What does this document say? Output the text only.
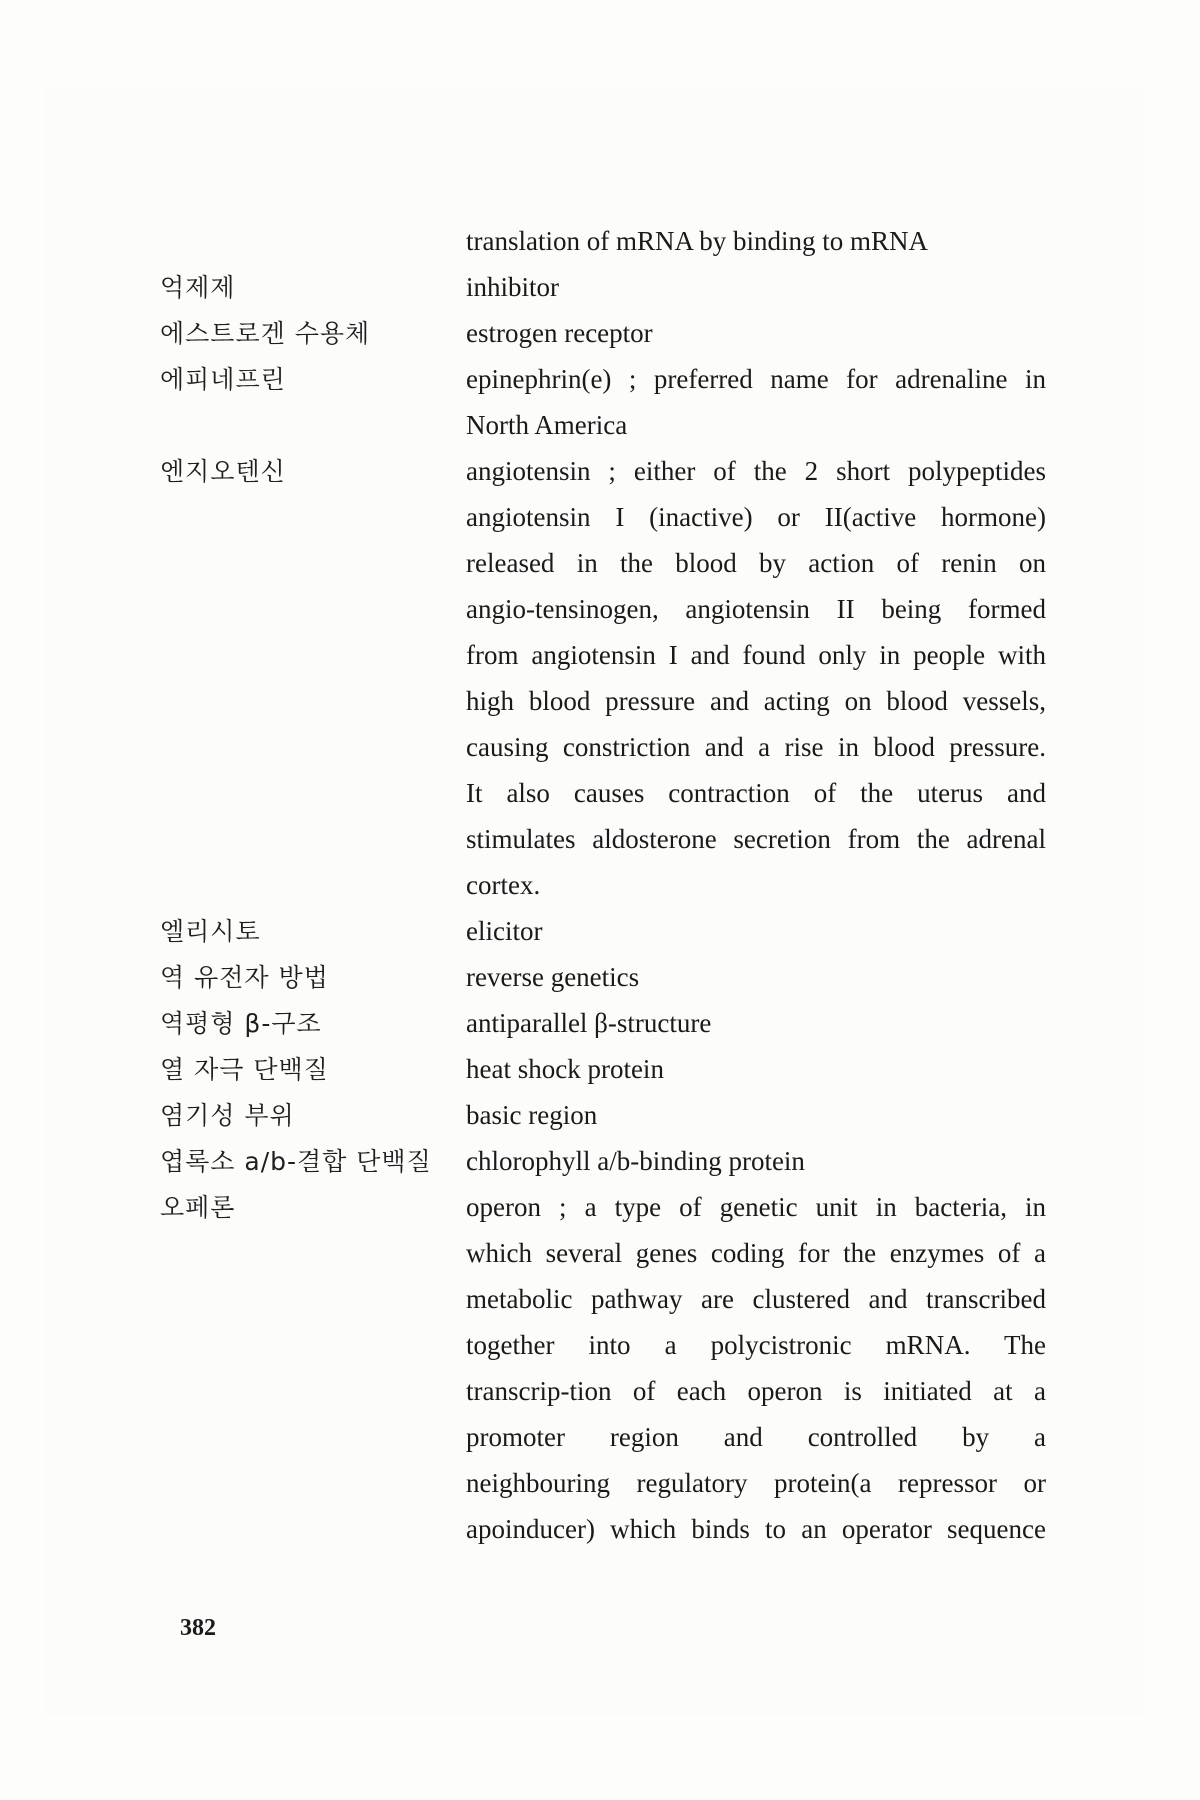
translation of mRNA by binding to mRNA
억제제	inhibitor
에스트로겐 수용체	estrogen receptor
에피네프린	epinephrin(e) ; preferred name for adrenaline in
North America
엔지오텐신	angiotensin ; either of the 2 short polypeptides
angiotensin I (inactive) or II(active hormone)
released in the blood by action of renin on
angio-tensinogen, angiotensin II being formed
from angiotensin I and found only in people with
high blood pressure and acting on blood vessels,
causing constriction and a rise in blood pressure.
It also causes contraction of the uterus and
stimulates aldosterone secretion from the adrenal
cortex.
엘리시토	elicitor
역 유전자 방법	reverse genetics
역평형 β-구조	antiparallel β-structure
열 자극 단백질	heat shock protein
염기성 부위	basic region
엽록소 a/b-결합 단백질	chlorophyll a/b-binding protein
오페론	operon ; a type of genetic unit in bacteria, in
which several genes coding for the enzymes of a
metabolic pathway are clustered and transcribed
together into a polycistronic mRNA. The
transcrip-tion of each operon is initiated at a
promoter region and controlled by a
neighbouring regulatory protein(a repressor or
apoinducer) which binds to an operator sequence
382
